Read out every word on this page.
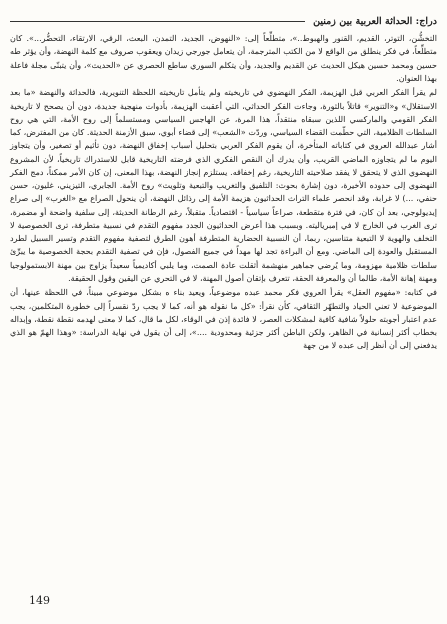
دراج: الحداثة العربية بين زمنين

التخشُّن، التوتر، القديم، القنور والهبوط..»، متطلِّعاً إلى: «النهوض، الجديد، التمدن، البعث، الرقي، الارتقاء، التحضُّر...». كان متطلِّعاً، في فكر ينطلق من الواقع لا من الكتب المترجمة، أن يتعامل جورجي زيدان ويعقوب صروف مع كلمة النهضة، وأن يؤثر طه حسين ومحمد حسين هيكل الحديث عن القديم والجديد، وأن يتكلم السوري ساطع الحصري عن «الحديث»، وأن يتبنّى مجلة فاعلة بهذا العنوان.

لم يقرأ الفكر العربي قبل الهزيمة، الفكر النهضوي في تاريخيته ولم يتأمل تاريخيته اللحظة التنويرية، فالحداثة والنهضة «ما بعد الاستقلال» و«التنوير» قاتلاً بالثورة، وجاءت الفكر الحداثي، التي أعقبت الهزيمة، بأدوات منهجية جديدة، دون أن يصحح لا تاريخية الفكر القومي والماركسي اللذين سبقاه منتقداً، هذا المرة، عن الهاجس السياسي ومستسلماً إلى روح الأمة، التي هي روح السلطات الظلامية، التي حطّمت القضاء السياسي، وردّت «الشعب» إلى قضاء أبوي، سبق الأزمنة الحديثة. كان من المفترض، كما أشار عبدالله العروي في كتاباته المتأخرة، أن يقوم الفكر العربي بتحليل أسباب إخفاق النهضة، دون تأثيم أو تصغير، وأن يتجاوز اليوم ما لم يتجاوزه الماضي القريب، وأن يدرك أن النقص الفكري الذي فرضته التاريخية قابل للاستدراك تاريخياً، لأن المشروع النهضوي الذي لا يتحقق لا يفقد صلاحيته التاريخية، رغم إخفاقه. يستلزم إنجاز النهضة، بهذا المعنى، إن كان الأمر ممكناً، دمج الفكر النهضوي إلى حدوده الأخيرة، دون إشارة بحوث: التلفيق والتغريب والتبعية وتلويث» روح الأمة. الجابري، التيزيني، غليون، حسن حنفي، ...) لا غرابة، وقد انحصر علماء التراث الحداثيون هزيمة الأمة إلى رذائل النهضة، أن ينحول الصراع مع «الغرب» إلى صراع إيديولوجي، بعد أن كان، في فترة متقطعة، صراعاً سياسياً - اقتصادياً. متقبلاً، رغم الرطانة الحديثة، إلى سلفية واضحة أو مضمرة، ترى الغرب في الخارج لا في إمبرياليته. وبسبب هذا أعرض الحداثيون الجدد مفهوم التقدم في نسبية متطرفة، ترى الخصوصية لا التخلف والهوية لا التبعية متناسين، ربما، أن النسبية الحضارية المتطرفة أهون الطرق لتصفية مفهوم التقدم وتسير السبيل لطرد المستقبل والعودة إلى الماضي. ومع أن البراءة تجد لها مهداً في جميع الفصول، فإن في تصفية التقدم بحجة الخصوصية ما يبرِّئ سلطات ظلامية مهزومة، وما يُرضي جماهير منهشمة أثقلت عادة الصمت، وما يلبي أكاديمياً سعيداً يزاوج بين مهنة الابستمولوجيا ومهنة إهانة الأمة، طالما أن والمعرفة الحقة، تتعرف بإتقان أصول المهنة، لا في التحري عن اليقين وقول الحقيقة.

في كتابه: «مفهوم العقل» يقرأ العروي فكر محمد عبده موضوعياً، ويعيد بناء ه بشكل موضوعي مبيناً، في اللحظة عينها، أن الموضوعية لا تعني الحياد والتطهّر الثقافي، كأن نقرأ: «كل ما نقوله هو أنه، كما لا يجب ردّ نقسراً إلى خطورة المتكلمين، يجب عدم اعتبار أجوبته حلولاً شافية كافية لمشكلات العصر، لا فائدة إذن في الوقاء، لكل ما قال، كما لا معنى لهدمه نقطة نقطة، وإبداله بخطاب أكثر إنسانية في الظاهر، ولكن الباطن أكثر جزئية ومحدودية ....»، إلى أن يقول في نهاية الدراسة: «وهذا الهمّ هو الذي يدفعني إلى أن أنظر إلى عبده لا من جهة

149
